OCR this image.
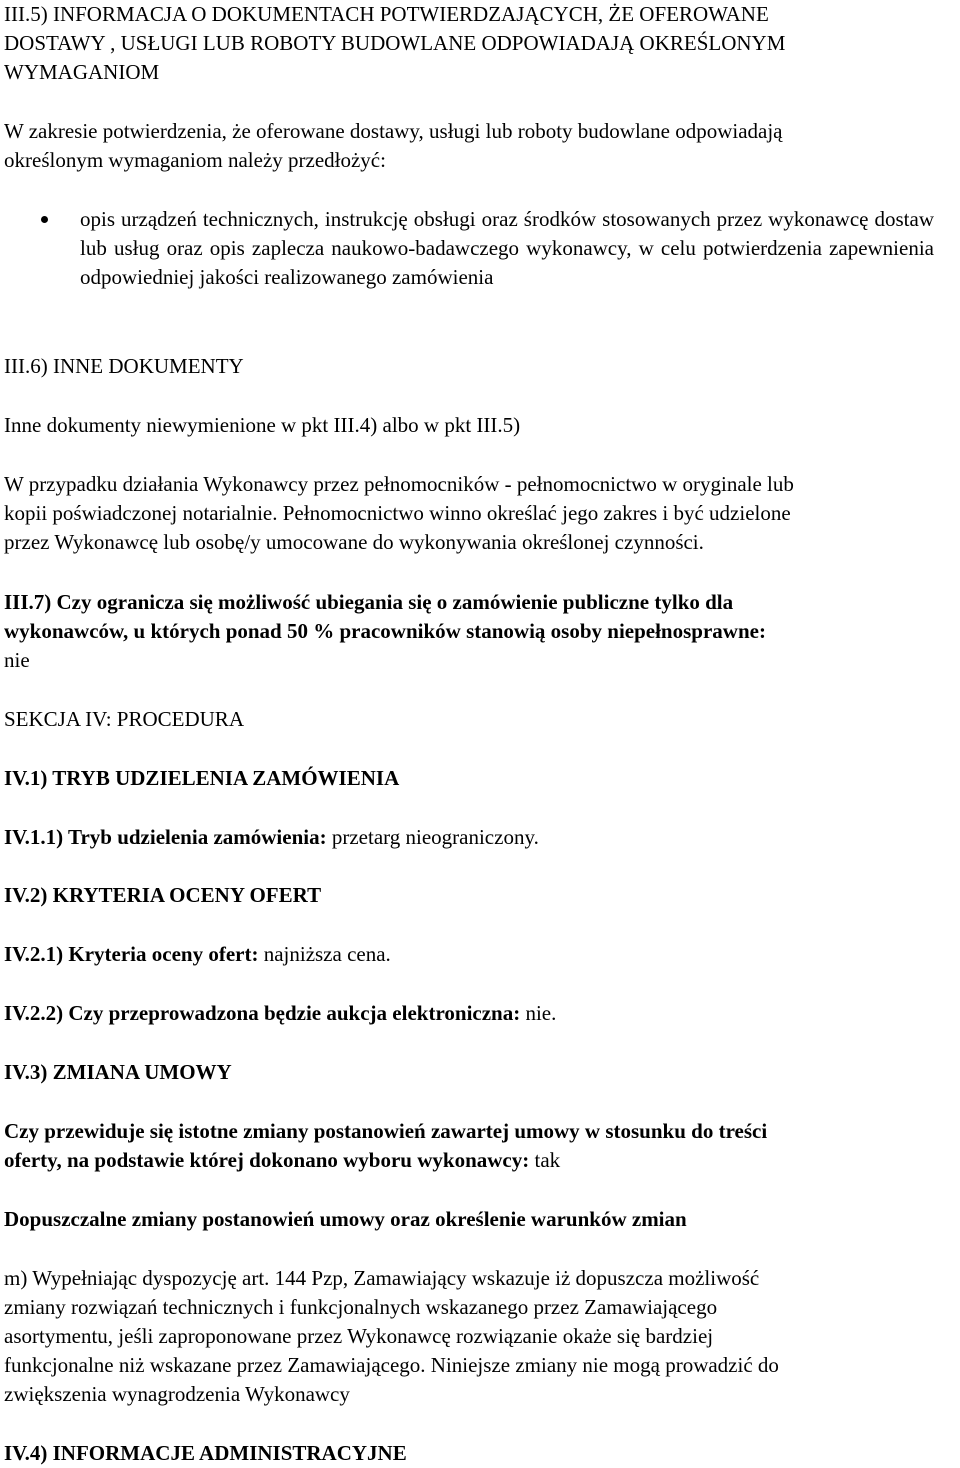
III.5) INFORMACJA O DOKUMENTACH POTWIERDZAJĄCYCH, ŻE OFEROWANE
DOSTAWY , USŁUGI LUB ROBOTY BUDOWLANE ODPOWIADAJĄ OKREŚLONYM
WYMAGANIOM
W zakresie potwierdzenia, że oferowane dostawy, usługi lub roboty budowlane odpowiadają
określonym wymaganiom należy przedłożyć:
opis urządzeń technicznych, instrukcję obsługi oraz środków stosowanych przez wykonawcę dostaw lub usług oraz opis zaplecza naukowo-badawczego wykonawcy, w celu potwierdzenia zapewnienia odpowiedniej jakości realizowanego zamówienia
III.6) INNE DOKUMENTY
Inne dokumenty niewymienione w pkt III.4) albo w pkt III.5)
W przypadku działania Wykonawcy przez pełnomocników - pełnomocnictwo w oryginale lub
kopii poświadczonej notarialnie. Pełnomocnictwo winno określać jego zakres i być udzielone
przez Wykonawcę lub osobę/y umocowane do wykonywania określonej czynności.
III.7) Czy ogranicza się możliwość ubiegania się o zamówienie publiczne tylko dla
wykonawców, u których ponad 50 % pracowników stanowią osoby niepełnosprawne:
nie
SEKCJA IV: PROCEDURA
IV.1) TRYB UDZIELENIA ZAMÓWIENIA
IV.1.1) Tryb udzielenia zamówienia: przetarg nieograniczony.
IV.2) KRYTERIA OCENY OFERT
IV.2.1) Kryteria oceny ofert: najniższa cena.
IV.2.2) Czy przeprowadzona będzie aukcja elektroniczna: nie.
IV.3) ZMIANA UMOWY
Czy przewiduje się istotne zmiany postanowień zawartej umowy w stosunku do treści
oferty, na podstawie której dokonano wyboru wykonawcy: tak
Dopuszczalne zmiany postanowień umowy oraz określenie warunków zmian
m) Wypełniając dyspozycję art. 144 Pzp, Zamawiający wskazuje iż dopuszcza możliwość
zmiany rozwiązań technicznych i funkcjonalnych wskazanego przez Zamawiającego
asortymentu, jeśli zaproponowane przez Wykonawcę rozwiązanie okaże się bardziej
funkcjonalne niż wskazane przez Zamawiającego. Niniejsze zmiany nie mogą prowadzić do
zwiększenia wynagrodzenia Wykonawcy
IV.4) INFORMACJE ADMINISTRACYJNE
